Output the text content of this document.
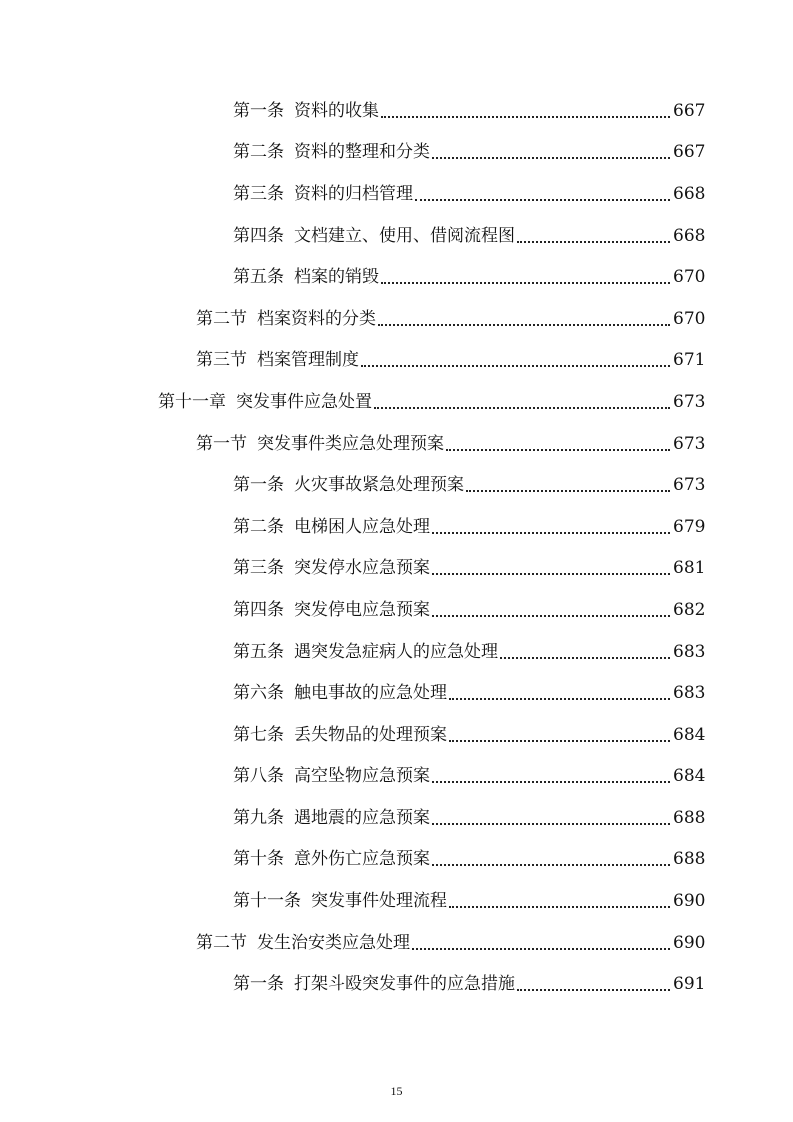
第一条 资料的收集	667
第二条 资料的整理和分类	667
第三条 资料的归档管理	668
第四条 文档建立、使用、借阅流程图	668
第五条 档案的销毁	670
第二节 档案资料的分类	670
第三节 档案管理制度	671
第十一章 突发事件应急处置	673
第一节 突发事件类应急处理预案	673
第一条 火灾事故紧急处理预案	673
第二条 电梯困人应急处理	679
第三条 突发停水应急预案	681
第四条 突发停电应急预案	682
第五条 遇突发急症病人的应急处理	683
第六条 触电事故的应急处理	683
第七条 丢失物品的处理预案	684
第八条 高空坠物应急预案	684
第九条 遇地震的应急预案	688
第十条 意外伤亡应急预案	688
第十一条 突发事件处理流程	690
第二节 发生治安类应急处理	690
第一条 打架斗殴突发事件的应急措施	691
15
